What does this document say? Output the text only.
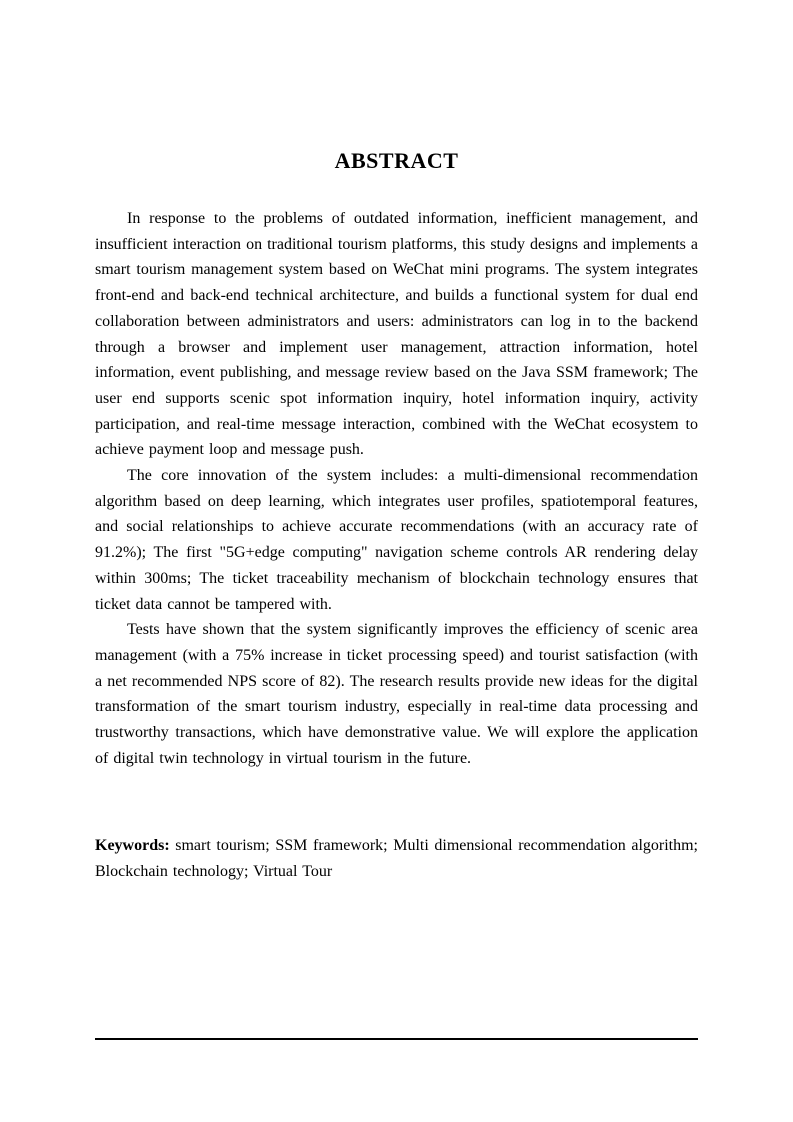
ABSTRACT

In response to the problems of outdated information, inefficient management, and insufficient interaction on traditional tourism platforms, this study designs and implements a smart tourism management system based on WeChat mini programs. The system integrates front-end and back-end technical architecture, and builds a functional system for dual end collaboration between administrators and users: administrators can log in to the backend through a browser and implement user management, attraction information, hotel information, event publishing, and message review based on the Java SSM framework; The user end supports scenic spot information inquiry, hotel information inquiry, activity participation, and real-time message interaction, combined with the WeChat ecosystem to achieve payment loop and message push.

The core innovation of the system includes: a multi-dimensional recommendation algorithm based on deep learning, which integrates user profiles, spatiotemporal features, and social relationships to achieve accurate recommendations (with an accuracy rate of 91.2%); The first "5G+edge computing" navigation scheme controls AR rendering delay within 300ms; The ticket traceability mechanism of blockchain technology ensures that ticket data cannot be tampered with.

Tests have shown that the system significantly improves the efficiency of scenic area management (with a 75% increase in ticket processing speed) and tourist satisfaction (with a net recommended NPS score of 82). The research results provide new ideas for the digital transformation of the smart tourism industry, especially in real-time data processing and trustworthy transactions, which have demonstrative value. We will explore the application of digital twin technology in virtual tourism in the future.

Keywords: smart tourism; SSM framework; Multi dimensional recommendation algorithm; Blockchain technology; Virtual Tour
